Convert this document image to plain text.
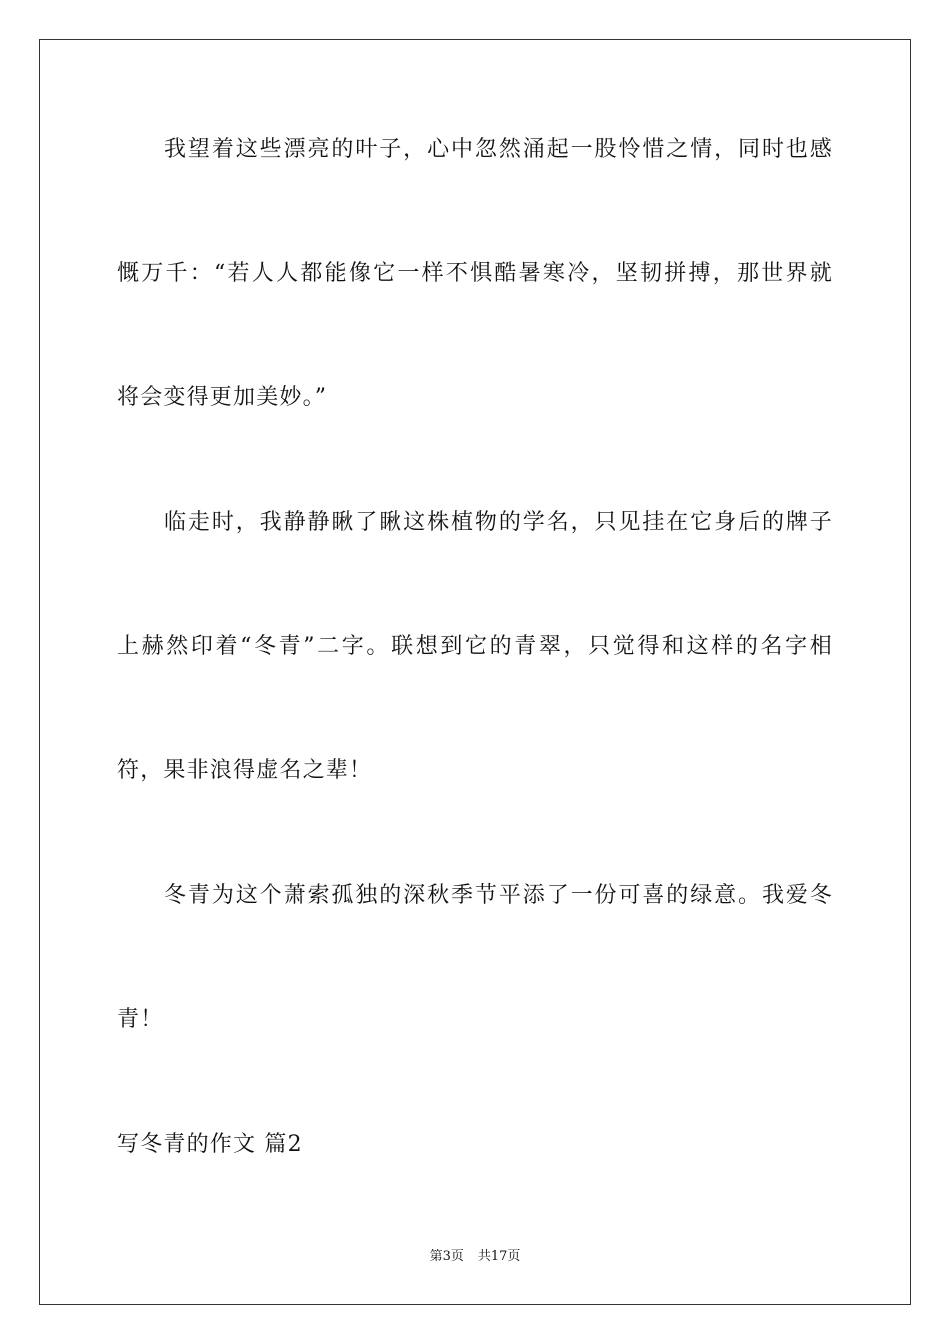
我望着这些漂亮的叶子，心中忽然涌起一股怜惜之情，同时也感
慨万千：“若人人都能像它一样不惧酷暑寒冷，坚韧拼搏，那世界就
将会变得更加美妙。”
临走时，我静静瞅了瞅这株植物的学名，只见挂在它身后的牌子
上赫然印着“冬青”二字。联想到它的青翠，只觉得和这样的名字相
符，果非浪得虚名之辈！
冬青为这个萧索孤独的深秋季节平添了一份可喜的绿意。我爱冬
青！
写冬青的作文 篇2
第3页 共17页
